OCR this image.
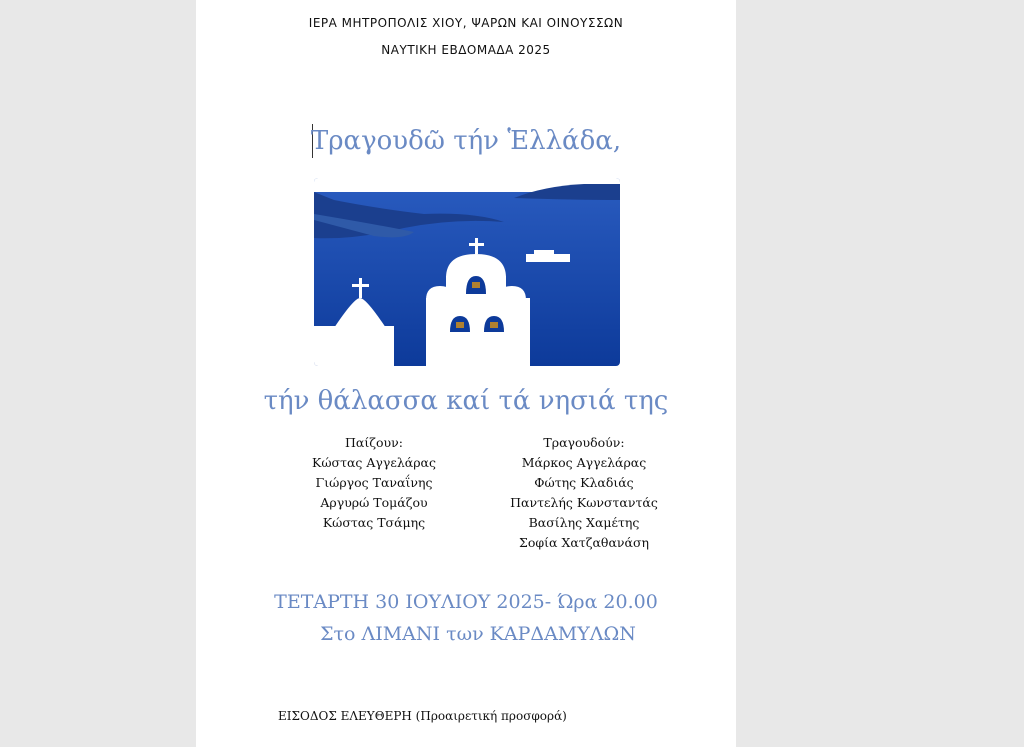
ΙΕΡΑ ΜΗΤΡΟΠΟΛΙΣ ΧΙΟΥ, ΨΑΡΩΝ ΚΑΙ ΟΙΝΟΥΣΣΩΝ
ΝΑΥΤΙΚΗ ΕΒΔΟΜΑΔΑ 2025
Τραγουδῶ τήν Ἑλλάδα,
τήν θάλασσα καί τά νησιά της
Παίζουν:
Κώστας Αγγελάρας
Γιώργος Ταναΐνης
Αργυρώ Τομάζου
Κώστας Τσάμης
Τραγουδούν:
Μάρκος Αγγελάρας
Φώτης Κλαδιάς
Παντελής Κωνσταντάς
Βασίλης Χαμέτης
Σοφία Χατζαθανάση
ΤΕΤΑΡΤΗ 30 ΙΟΥΛΙΟΥ 2025- Ώρα 20.00
Στο ΛΙΜΑΝΙ των ΚΑΡΔΑΜΥΛΩΝ
ΕΙΣΟΔΟΣ ΕΛΕΥΘΕΡΗ (Προαιρετική προσφορά)
